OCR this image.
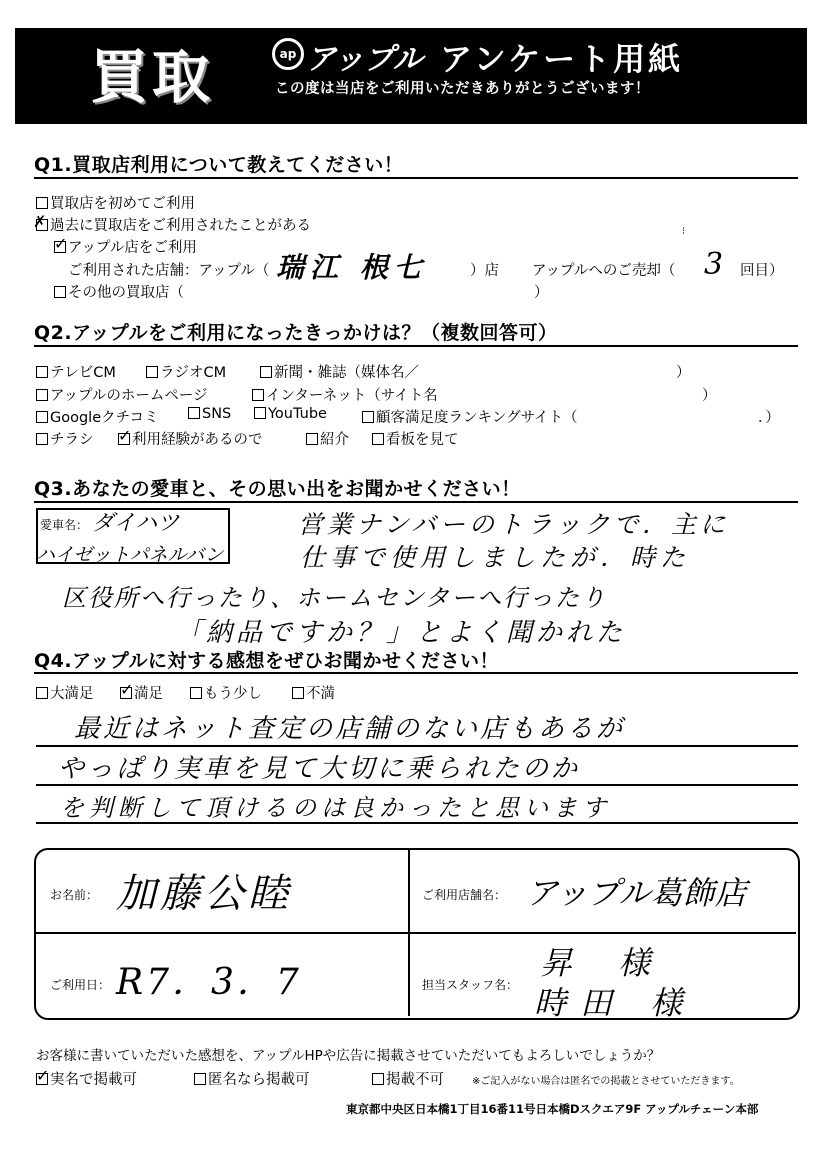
買取	ap アップル アンケート用紙
この度は当店をご利用いただきありがとうございます！
Q1.買取店利用について教えてください！
買取店を初めてご利用
✗ 過去に買取店をご利用されたことがある
✓ アップル店をご利用
ご利用された店舗：アップル（ 瑞江 根七	）店 アップルへのご売却（
⁝
3 回目）
その他の買取店（	）
Q2.アップルをご利用になったきっかけは？（複数回答可）
テレビCM	ラジオCM	新聞・雑誌（媒体名／	）
アップルのホームページ	インターネット（サイト名	）
Googleクチコミ	SNS	YouTube	顧客満足度ランキングサイト（	．）
チラシ ✓ 利用経験があるので	紹介	看板を見て
Q3.あなたの愛車と、その思い出をお聞かせください！
愛車名： ダイハツ
ハイゼットパネルバン
営業ナンバーのトラックで．主に
仕事で使用しましたが．時た
区役所へ行ったり、ホームセンターへ行ったり
「納品ですか？」とよく聞かれた
Q4.アップルに対する感想をぜひお聞かせください！
大満足 ✓ 満足	もう少し	不満
最近はネット査定の店舗のない店もあるが
やっぱり実車を見て大切に乗られたのか
を判断して頂けるのは良かったと思います
お名前： 加藤公睦	ご利用店舗名： アップル葛飾店
ご利用日： R7．3．7	担当スタッフ名：
昇 様
時田 様
お客様に書いていただいた感想を、アップルHPや広告に掲載させていただいてもよろしいでしょうか？
✓ 実名で掲載可	匿名なら掲載可	掲載不可	※ご記入がない場合は匿名での掲載とさせていただきます。
東京都中央区日本橋1丁目16番11号日本橋Dスクエア9F アップルチェーン本部
